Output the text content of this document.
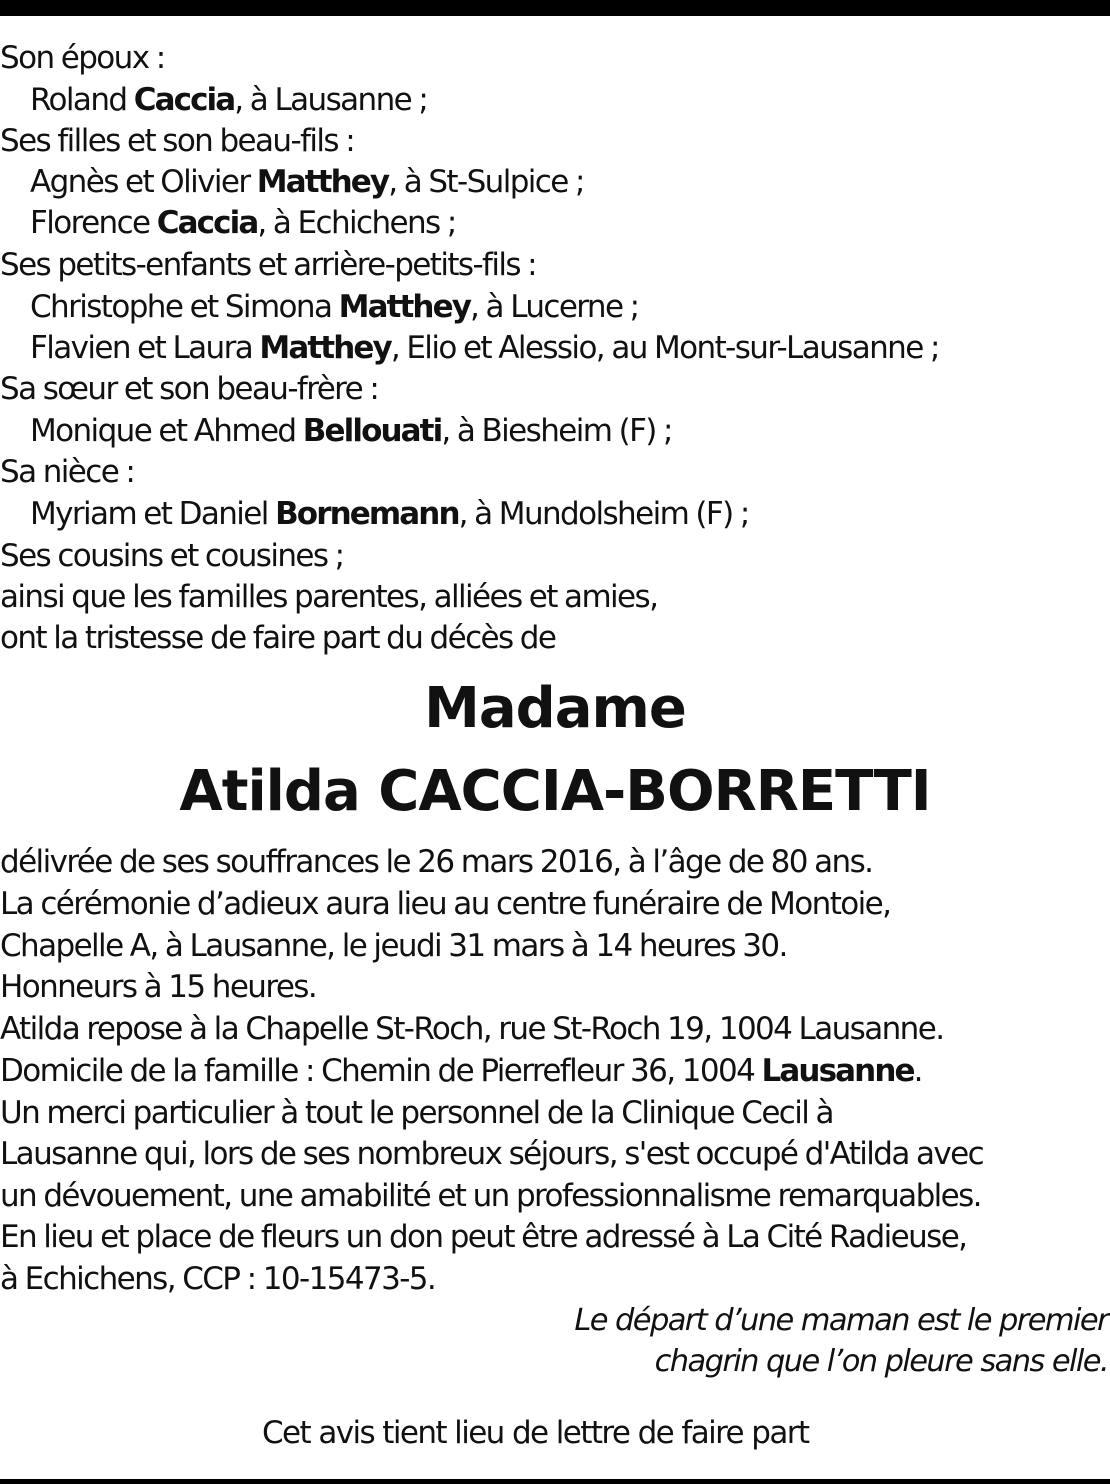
Son époux :
Roland Caccia, à Lausanne ;
Ses filles et son beau-fils :
Agnès et Olivier Matthey, à St-Sulpice ;
Florence Caccia, à Echichens ;
Ses petits-enfants et arrière-petits-fils :
Christophe et Simona Matthey, à Lucerne ;
Flavien et Laura Matthey, Elio et Alessio, au Mont-sur-Lausanne ;
Sa sœur et son beau-frère :
Monique et Ahmed Bellouati, à Biesheim (F) ;
Sa nièce :
Myriam et Daniel Bornemann, à Mundolsheim (F) ;
Ses cousins et cousines ;
ainsi que les familles parentes, alliées et amies,
ont la tristesse de faire part du décès de
Madame
Atilda CACCIA-BORRETTI
délivrée de ses souffrances le 26 mars 2016, à l’âge de 80 ans.
La cérémonie d’adieux aura lieu au centre funéraire de Montoie,
Chapelle A, à Lausanne, le jeudi 31 mars à 14 heures 30.
Honneurs à 15 heures.
Atilda repose à la Chapelle St-Roch, rue St-Roch 19, 1004 Lausanne.
Domicile de la famille : Chemin de Pierrefleur 36, 1004 Lausanne.
Un merci particulier à tout le personnel de la Clinique Cecil à
Lausanne qui, lors de ses nombreux séjours, s'est occupé d'Atilda avec
un dévouement, une amabilité et un professionnalisme remarquables.
En lieu et place de fleurs un don peut être adressé à La Cité Radieuse,
à Echichens, CCP : 10-15473-5.
Le départ d’une maman est le premier
chagrin que l’on pleure sans elle.
Cet avis tient lieu de lettre de faire part
